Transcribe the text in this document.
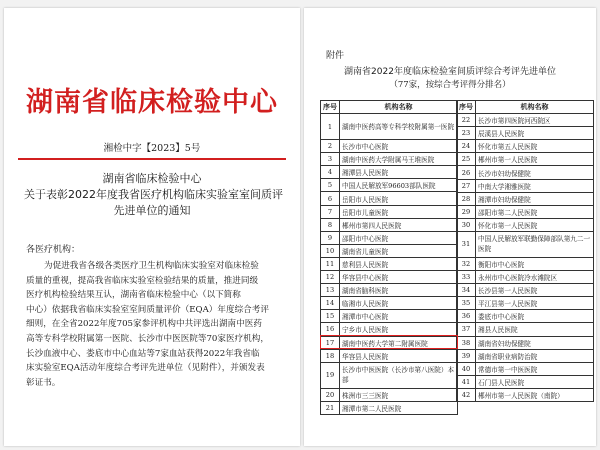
湖南省临床检验中心
湘检中字【2023】5号
湖南省临床检验中心
关于表彰2022年度我省医疗机构临床实验室室间质评
先进单位的通知
各医疗机构：
为促进我省各级各类医疗卫生机构临床实验室对临床检验
质量的重视，提高我省临床实验室检验结果的质量，推进同级
医疗机构检验结果互认，湖南省临床检验中心（以下简称
中心）依据我省临床实验室室间质量评价（EQA）年度综合考评
细则，在全省2022年度705家参评机构中共评选出湖南中医药
高等专科学校附属第一医院、长沙市中医医院等70家医疗机构，
长沙血液中心、娄底市中心血站等7家血站获得2022年我省临
床实验室EQA活动年度综合考评先进单位（见附件），并颁发表
彰证书。
附件
湖南省2022年度临床检验室间质评综合考评先进单位
（77家，按综合考评得分排名）
序号	机构名称
1	湖南中医药高等专科学校附属第一医院
2	长沙市中心医院
3	湖南中医药大学附属马王堆医院
4	湘潭县人民医院
5	中国人民解放军96603部队医院
6	岳阳市人民医院
7	岳阳市儿童医院
8	郴州市第四人民医院
9	邵阳市中心医院
10	湖南省儿童医院
11	慈利县人民医院
12	华容县中心医院
13	湖南省脑科医院
14	临湘市人民医院
15	湘潭市中心医院
16	宁乡市人民医院
17	湖南中医药大学第二附属医院
18	华容县人民医院
19	长沙市中医医院（长沙市第八医院）本部
20	株洲市三三医院
21	湘潭市第二人民医院
序号	机构名称
22	长沙市第四医院河西院区
23	辰溪县人民医院
24	怀化市第五人民医院
25	郴州市第一人民医院
26	长沙市妇幼保健院
27	中南大学湘雅医院
28	湘潭市妇幼保健院
29	邵阳市第二人民医院
30	怀化市第一人民医院
31	中国人民解放军联勤保障部队第九二一医院
32	衡阳市中心医院
33	永州市中心医院冷水滩院区
34	长沙县第一人民医院
35	平江县第一人民医院
36	娄底市中心医院
37	湘县人民医院
38	湖南省妇幼保健院
39	湖南省职业病防治院
40	常德市第一中医医院
41	石门县人民医院
42	郴州市第一人民医院（南院）
